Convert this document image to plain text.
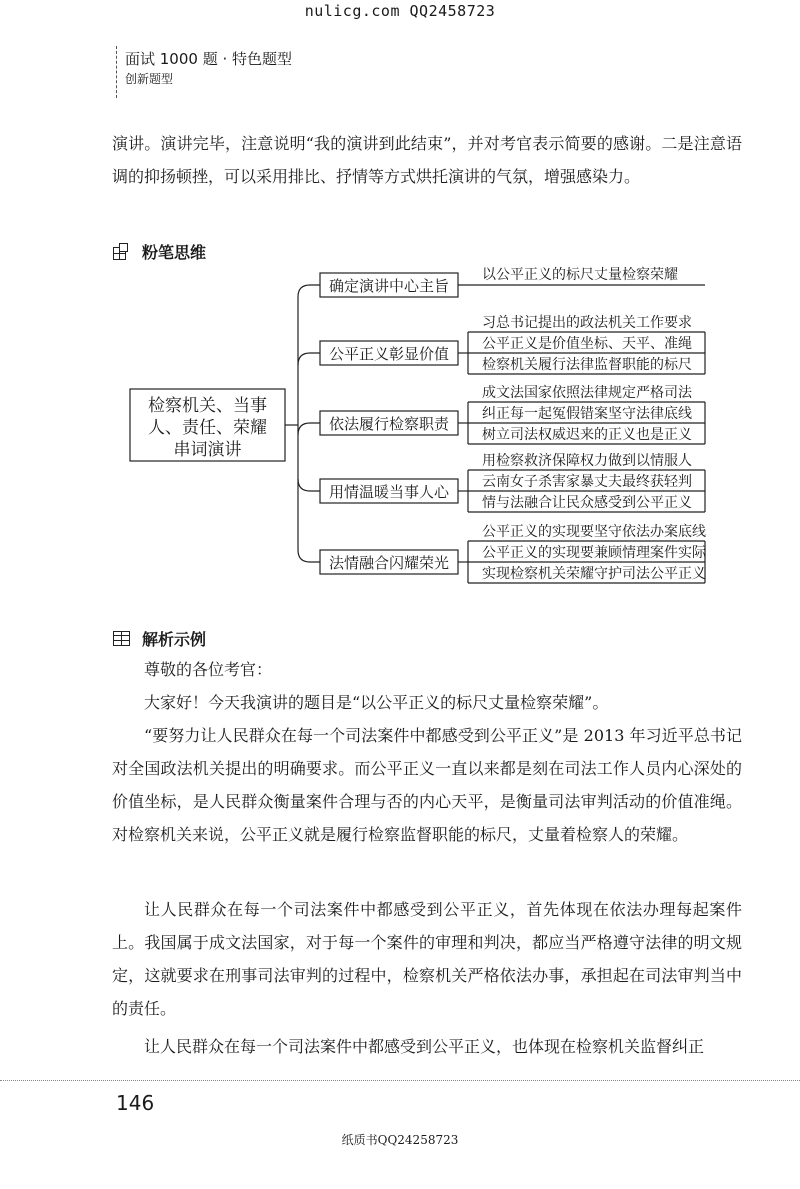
nulicg.com QQ2458723
面试 1000 题 · 特色题型
创新题型
演讲。演讲完毕，注意说明“我的演讲到此结束”，并对考官表示简要的感谢。二是注意语调的抑扬顿挫，可以采用排比、抒情等方式烘托演讲的气氛，增强感染力。
粉笔思维
检察机关、当事人、责任、荣耀串词演讲
确定演讲中心主旨
以公平正义的标尺丈量检察荣耀
公平正义彰显价值
习总书记提出的政法机关工作要求
公平正义是价值坐标、天平、准绳
检察机关履行法律监督职能的标尺
依法履行检察职责
成文法国家依照法律规定严格司法
纠正每一起冤假错案坚守法律底线
树立司法权威迟来的正义也是正义
用情温暖当事人心
用检察救济保障权力做到以情服人
云南女子杀害家暴丈夫最终获轻判
情与法融合让民众感受到公平正义
法情融合闪耀荣光
公平正义的实现要坚守依法办案底线
公平正义的实现要兼顾情理案件实际
实现检察机关荣耀守护司法公平正义
解析示例
尊敬的各位考官：
大家好！今天我演讲的题目是“以公平正义的标尺丈量检察荣耀”。
“要努力让人民群众在每一个司法案件中都感受到公平正义”是 2013 年习近平总书记对全国政法机关提出的明确要求。而公平正义一直以来都是刻在司法工作人员内心深处的价值坐标，是人民群众衡量案件合理与否的内心天平，是衡量司法审判活动的价值准绳。对检察机关来说，公平正义就是履行检察监督职能的标尺，丈量着检察人的荣耀。
让人民群众在每一个司法案件中都感受到公平正义，首先体现在依法办理每起案件上。我国属于成文法国家，对于每一个案件的审理和判决，都应当严格遵守法律的明文规定，这就要求在刑事司法审判的过程中，检察机关严格依法办事，承担起在司法审判当中的责任。
让人民群众在每一个司法案件中都感受到公平正义，也体现在检察机关监督纠正
146
纸质书QQ24258723
